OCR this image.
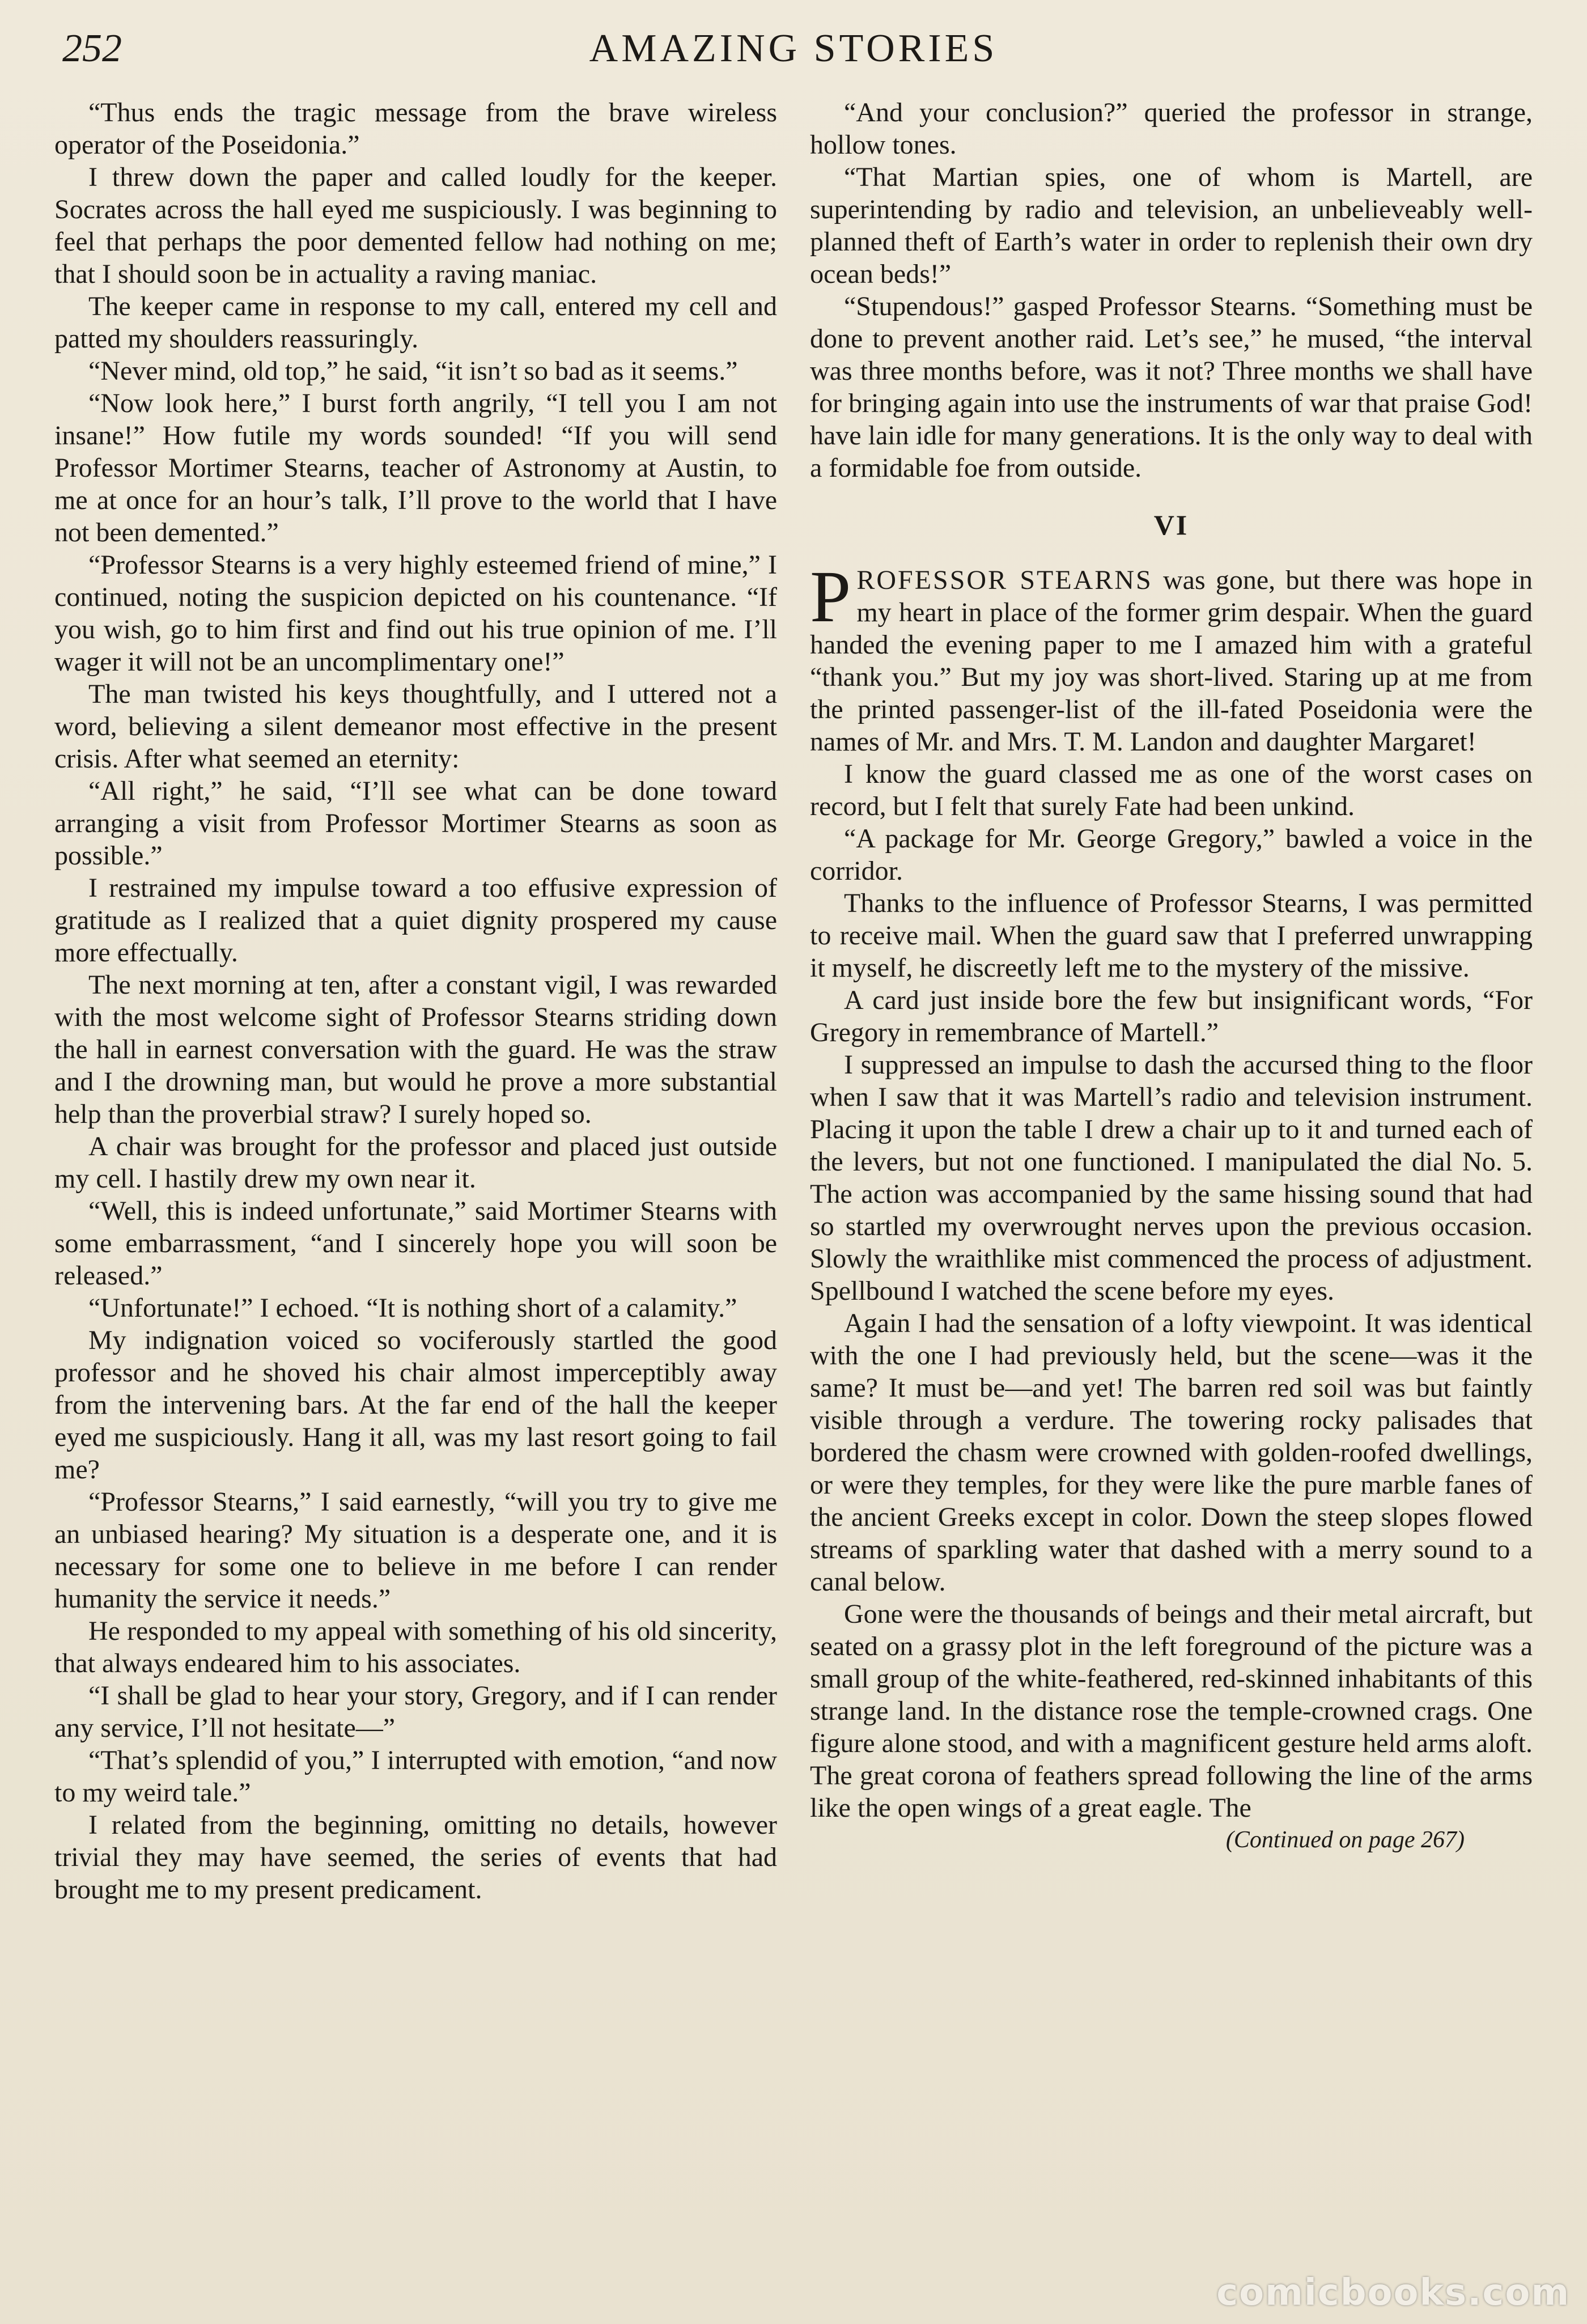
252	AMAZING STORIES

“Thus ends the tragic message from the brave wireless operator of the Poseidonia.”

I threw down the paper and called loudly for the keeper. Socrates across the hall eyed me suspiciously. I was beginning to feel that perhaps the poor demented fellow had nothing on me; that I should soon be in actuality a raving maniac.

The keeper came in response to my call, entered my cell and patted my shoulders reassuringly.

“Never mind, old top,” he said, “it isn’t so bad as it seems.”

“Now look here,” I burst forth angrily, “I tell you I am not insane!” How futile my words sounded! “If you will send Professor Mortimer Stearns, teacher of Astronomy at Austin, to me at once for an hour’s talk, I’ll prove to the world that I have not been demented.”

“Professor Stearns is a very highly esteemed friend of mine,” I continued, noting the suspicion depicted on his countenance. “If you wish, go to him first and find out his true opinion of me. I’ll wager it will not be an uncomplimentary one!”

The man twisted his keys thoughtfully, and I uttered not a word, believing a silent demeanor most effective in the present crisis. After what seemed an eternity:

“All right,” he said, “I’ll see what can be done toward arranging a visit from Professor Mortimer Stearns as soon as possible.”

I restrained my impulse toward a too effusive expression of gratitude as I realized that a quiet dignity prospered my cause more effectually.

The next morning at ten, after a constant vigil, I was rewarded with the most welcome sight of Professor Stearns striding down the hall in earnest conversation with the guard. He was the straw and I the drowning man, but would he prove a more substantial help than the proverbial straw? I surely hoped so.

A chair was brought for the professor and placed just outside my cell. I hastily drew my own near it.

“Well, this is indeed unfortunate,” said Mortimer Stearns with some embarrassment, “and I sincerely hope you will soon be released.”

“Unfortunate!” I echoed. “It is nothing short of a calamity.”

My indignation voiced so vociferously startled the good professor and he shoved his chair almost imperceptibly away from the intervening bars. At the far end of the hall the keeper eyed me suspiciously. Hang it all, was my last resort going to fail me?

“Professor Stearns,” I said earnestly, “will you try to give me an unbiased hearing? My situation is a desperate one, and it is necessary for some one to believe in me before I can render humanity the service it needs.”

He responded to my appeal with something of his old sincerity, that always endeared him to his associates.

“I shall be glad to hear your story, Gregory, and if I can render any service, I’ll not hesitate—”

“That’s splendid of you,” I interrupted with emotion, “and now to my weird tale.”

I related from the beginning, omitting no details, however trivial they may have seemed, the series of events that had brought me to my present predicament.

“And your conclusion?” queried the professor in strange, hollow tones.

“That Martian spies, one of whom is Martell, are superintending by radio and television, an unbelieveably well-planned theft of Earth’s water in order to replenish their own dry ocean beds!”

“Stupendous!” gasped Professor Stearns. “Something must be done to prevent another raid. Let’s see,” he mused, “the interval was three months before, was it not? Three months we shall have for bringing again into use the instruments of war that praise God! have lain idle for many generations. It is the only way to deal with a formidable foe from outside.

VI

PROFESSOR STEARNS was gone, but there was hope in my heart in place of the former grim despair. When the guard handed the evening paper to me I amazed him with a grateful “thank you.” But my joy was short-lived. Staring up at me from the printed passenger-list of the ill-fated Poseidonia were the names of Mr. and Mrs. T. M. Landon and daughter Margaret!

I know the guard classed me as one of the worst cases on record, but I felt that surely Fate had been unkind.

“A package for Mr. George Gregory,” bawled a voice in the corridor.

Thanks to the influence of Professor Stearns, I was permitted to receive mail. When the guard saw that I preferred unwrapping it myself, he discreetly left me to the mystery of the missive.

A card just inside bore the few but insignificant words, “For Gregory in remembrance of Martell.”

I suppressed an impulse to dash the accursed thing to the floor when I saw that it was Martell’s radio and television instrument. Placing it upon the table I drew a chair up to it and turned each of the levers, but not one functioned. I manipulated the dial No. 5. The action was accompanied by the same hissing sound that had so startled my overwrought nerves upon the previous occasion. Slowly the wraithlike mist commenced the process of adjustment. Spellbound I watched the scene before my eyes.

Again I had the sensation of a lofty viewpoint. It was identical with the one I had previously held, but the scene—was it the same? It must be—and yet! The barren red soil was but faintly visible through a verdure. The towering rocky palisades that bordered the chasm were crowned with golden-roofed dwellings, or were they temples, for they were like the pure marble fanes of the ancient Greeks except in color. Down the steep slopes flowed streams of sparkling water that dashed with a merry sound to a canal below.

Gone were the thousands of beings and their metal aircraft, but seated on a grassy plot in the left foreground of the picture was a small group of the white-feathered, red-skinned inhabitants of this strange land. In the distance rose the temple-crowned crags. One figure alone stood, and with a magnificent gesture held arms aloft. The great corona of feathers spread following the line of the arms like the open wings of a great eagle. The

(Continued on page 267)
comicbooks.com
